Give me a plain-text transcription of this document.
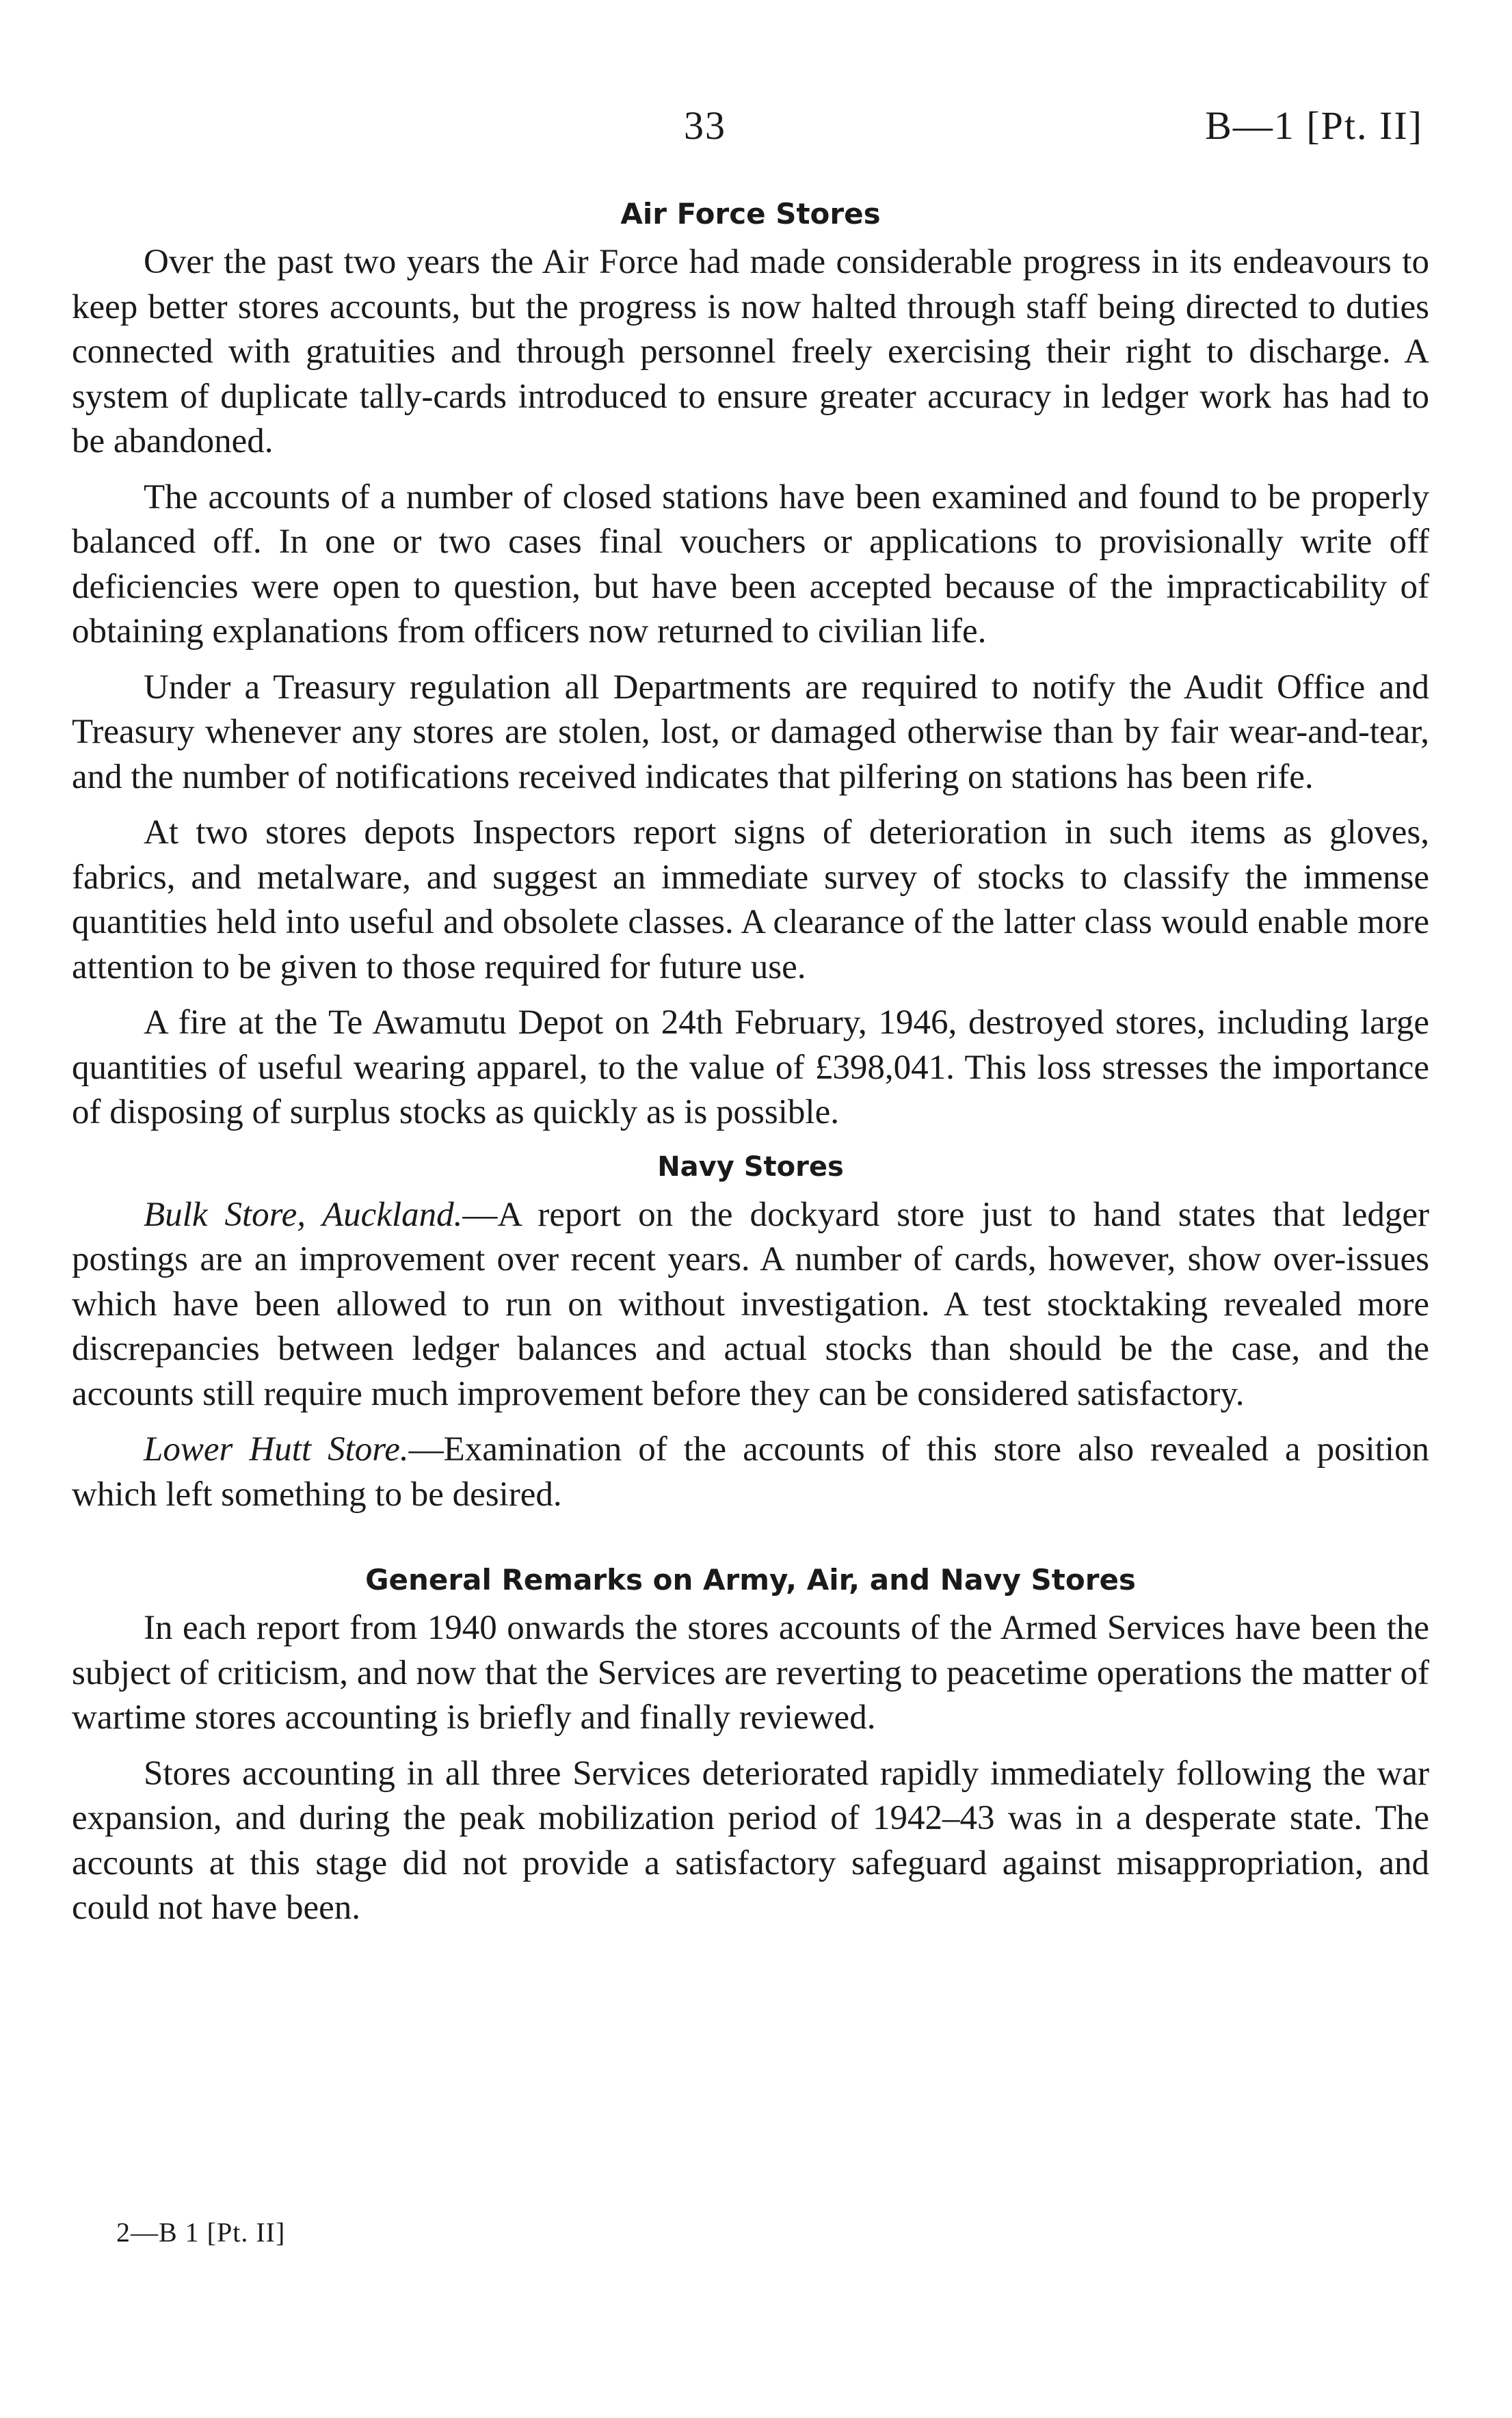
33	B—1 [Pt. II]
Air Force Stores

Over the past two years the Air Force had made considerable progress in its endeavours to keep better stores accounts, but the progress is now halted through staff being directed to duties connected with gratuities and through personnel freely exercising their right to discharge. A system of duplicate tally-cards introduced to ensure greater accuracy in ledger work has had to be abandoned.

The accounts of a number of closed stations have been examined and found to be properly balanced off. In one or two cases final vouchers or applications to provisionally write off deficiencies were open to question, but have been accepted because of the impracticability of obtaining explanations from officers now returned to civilian life.

Under a Treasury regulation all Departments are required to notify the Audit Office and Treasury whenever any stores are stolen, lost, or damaged otherwise than by fair wear-and-tear, and the number of notifications received indicates that pilfering on stations has been rife.

At two stores depots Inspectors report signs of deterioration in such items as gloves, fabrics, and metalware, and suggest an immediate survey of stocks to classify the immense quantities held into useful and obsolete classes. A clearance of the latter class would enable more attention to be given to those required for future use.

A fire at the Te Awamutu Depot on 24th February, 1946, destroyed stores, including large quantities of useful wearing apparel, to the value of £398,041. This loss stresses the importance of disposing of surplus stocks as quickly as is possible.

Navy Stores

Bulk Store, Auckland.—A report on the dockyard store just to hand states that ledger postings are an improvement over recent years. A number of cards, however, show over-issues which have been allowed to run on without investigation. A test stocktaking revealed more discrepancies between ledger balances and actual stocks than should be the case, and the accounts still require much improvement before they can be considered satisfactory.

Lower Hutt Store.—Examination of the accounts of this store also revealed a position which left something to be desired.

General Remarks on Army, Air, and Navy Stores

In each report from 1940 onwards the stores accounts of the Armed Services have been the subject of criticism, and now that the Services are reverting to peacetime operations the matter of wartime stores accounting is briefly and finally reviewed.

Stores accounting in all three Services deteriorated rapidly immediately following the war expansion, and during the peak mobilization period of 1942–43 was in a desperate state. The accounts at this stage did not provide a satisfactory safeguard against misappropriation, and could not have been.

2—B 1 [Pt. II]
